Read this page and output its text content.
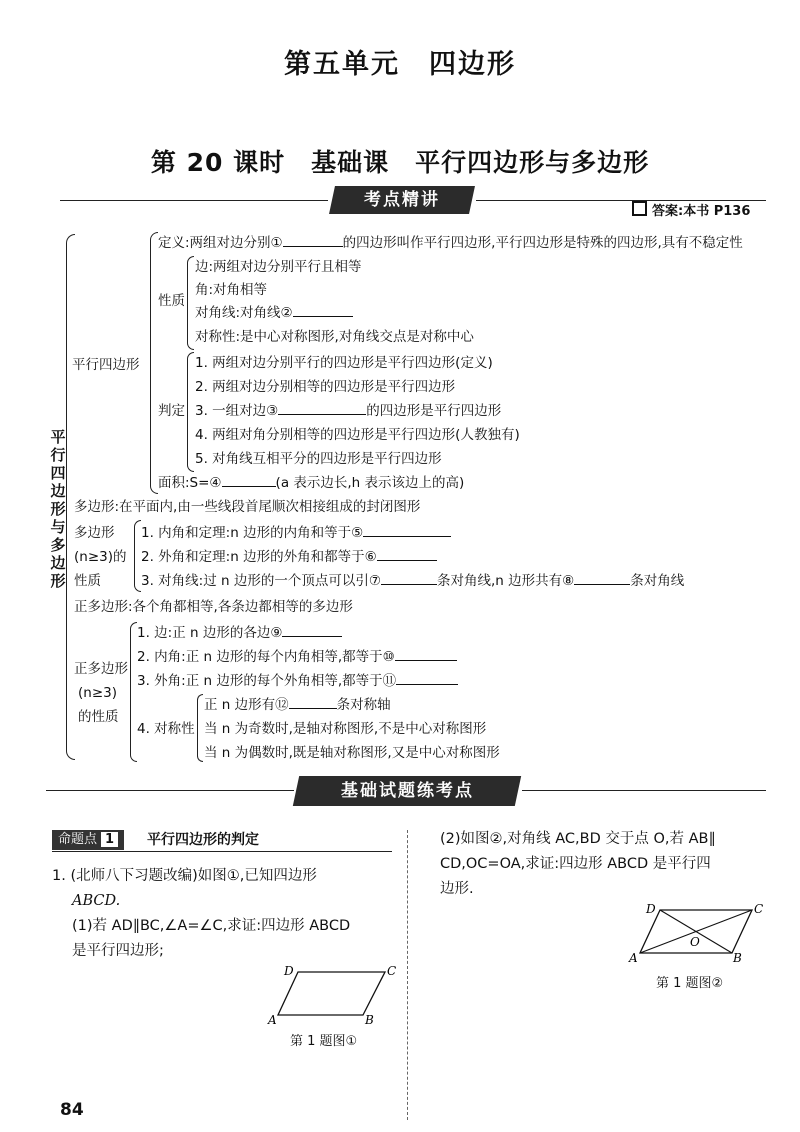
第五单元　四边形
第 20 课时　基础课　平行四边形与多边形
考点精讲
答案:本书 P136
平行四边形与多边形
平行四边形
定义:两组对边分别①	的四边形叫作平行四边形,平行四边形是特殊的四边形,具有不稳定性
性质
边:两组对边分别平行且相等
角:对角相等
对角线:对角线②
对称性:是中心对称图形,对角线交点是对称中心
判定
1. 两组对边分别平行的四边形是平行四边形(定义)
2. 两组对边分别相等的四边形是平行四边形
3. 一组对边③	的四边形是平行四边形
4. 两组对角分别相等的四边形是平行四边形(人教独有)
5. 对角线互相平分的四边形是平行四边形
面积:S=④	(a 表示边长,h 表示该边上的高)
多边形:在平面内,由一些线段首尾顺次相接组成的封闭图形
多边形
(n≥3)的
性质
1. 内角和定理:n 边形的内角和等于⑤
2. 外角和定理:n 边形的外角和都等于⑥
3. 对角线:过 n 边形的一个顶点可以引⑦	条对角线,n 边形共有⑧	条对角线
正多边形:各个角都相等,各条边都相等的多边形
正多边形
(n≥3)
的性质
1. 边:正 n 边形的各边⑨
2. 内角:正 n 边形的每个内角相等,都等于⑩
3. 外角:正 n 边形的每个外角相等,都等于⑪
4. 对称性
正 n 边形有⑫	条对称轴
当 n 为奇数时,是轴对称图形,不是中心对称图形
当 n 为偶数时,既是轴对称图形,又是中心对称图形
基础试题练考点
命题点 1	平行四边形的判定
1. (北师八下习题改编)如图①,已知四边形
ABCD.
(1)若 AD∥BC,∠A=∠C,求证:四边形 ABCD
是平行四边形;
A	B
C
D
第 1 题图①
(2)如图②,对角线 AC,BD 交于点 O,若 AB∥
CD,OC=OA,求证:四边形 ABCD 是平行四
边形.
A	B
C
D
O
第 1 题图②
84
